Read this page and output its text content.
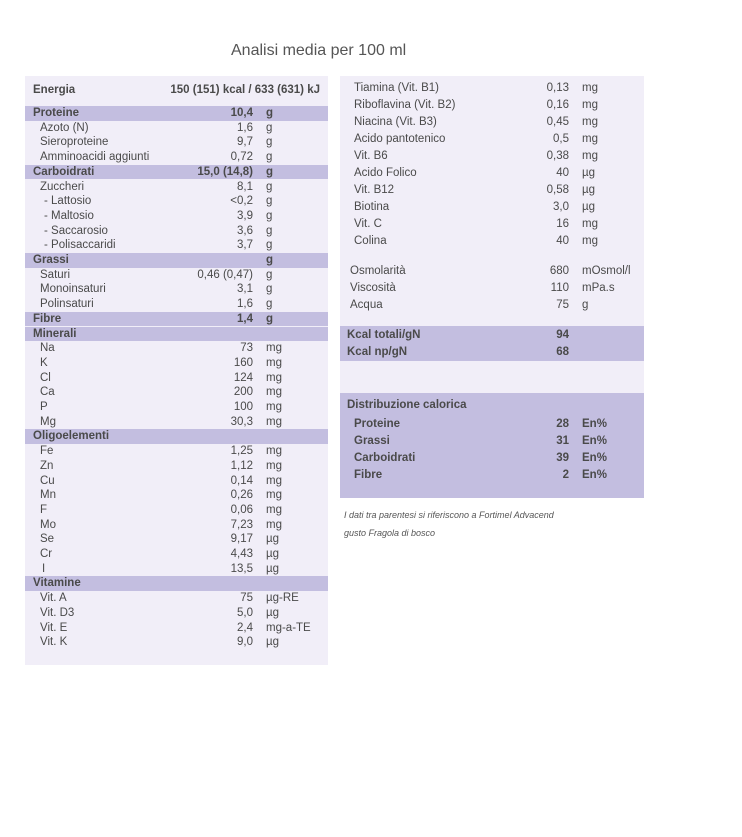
Analisi media per 100 ml
Energia	150 (151) kcal / 633 (631) kJ
Proteine	10,4 g
Azoto (N)	1,6 g
Sieroproteine	9,7 g
Amminoacidi aggiunti	0,72 g
Carboidrati	15,0 (14,8) g
Zuccheri	8,1 g
- Lattosio	<0,2 g
- Maltosio	3,9 g
- Saccarosio	3,6 g
- Polisaccaridi	3,7 g
Grassi	g
Saturi	0,46 (0,47) g
Monoinsaturi	3,1 g
Polinsaturi	1,6 g
Fibre	1,4 g
Minerali
Na	73 mg
K	160 mg
Cl	124 mg
Ca	200 mg
P	100 mg
Mg	30,3 mg
Oligoelementi
Fe	1,25 mg
Zn	1,12 mg
Cu	0,14 mg
Mn	0,26 mg
F	0,06 mg
Mo	7,23 mg
Se	9,17 µg
Cr	4,43 µg
I	13,5 µg
Vitamine
Vit. A	75 µg-RE
Vit. D3	5,0 µg
Vit. E	2,4 mg-a-TE
Vit. K	9,0 µg
Tiamina (Vit. B1)	0,13 mg
Riboflavina (Vit. B2)	0,16 mg
Niacina (Vit. B3)	0,45 mg
Acido pantotenico	0,5 mg
Vit. B6	0,38 mg
Acido Folico	40 µg
Vit. B12	0,58 µg
Biotina	3,0 µg
Vit. C	16 mg
Colina	40 mg
Osmolarità	680 mOsmol/l
Viscosità	110 mPa.s
Acqua	75 g
Kcal totali/gN	94
Kcal np/gN	68
Distribuzione calorica
Proteine	28 En%
Grassi	31 En%
Carboidrati	39 En%
Fibre	2 En%
I dati tra parentesi si riferiscono a Fortimel Advacend
gusto Fragola di bosco
